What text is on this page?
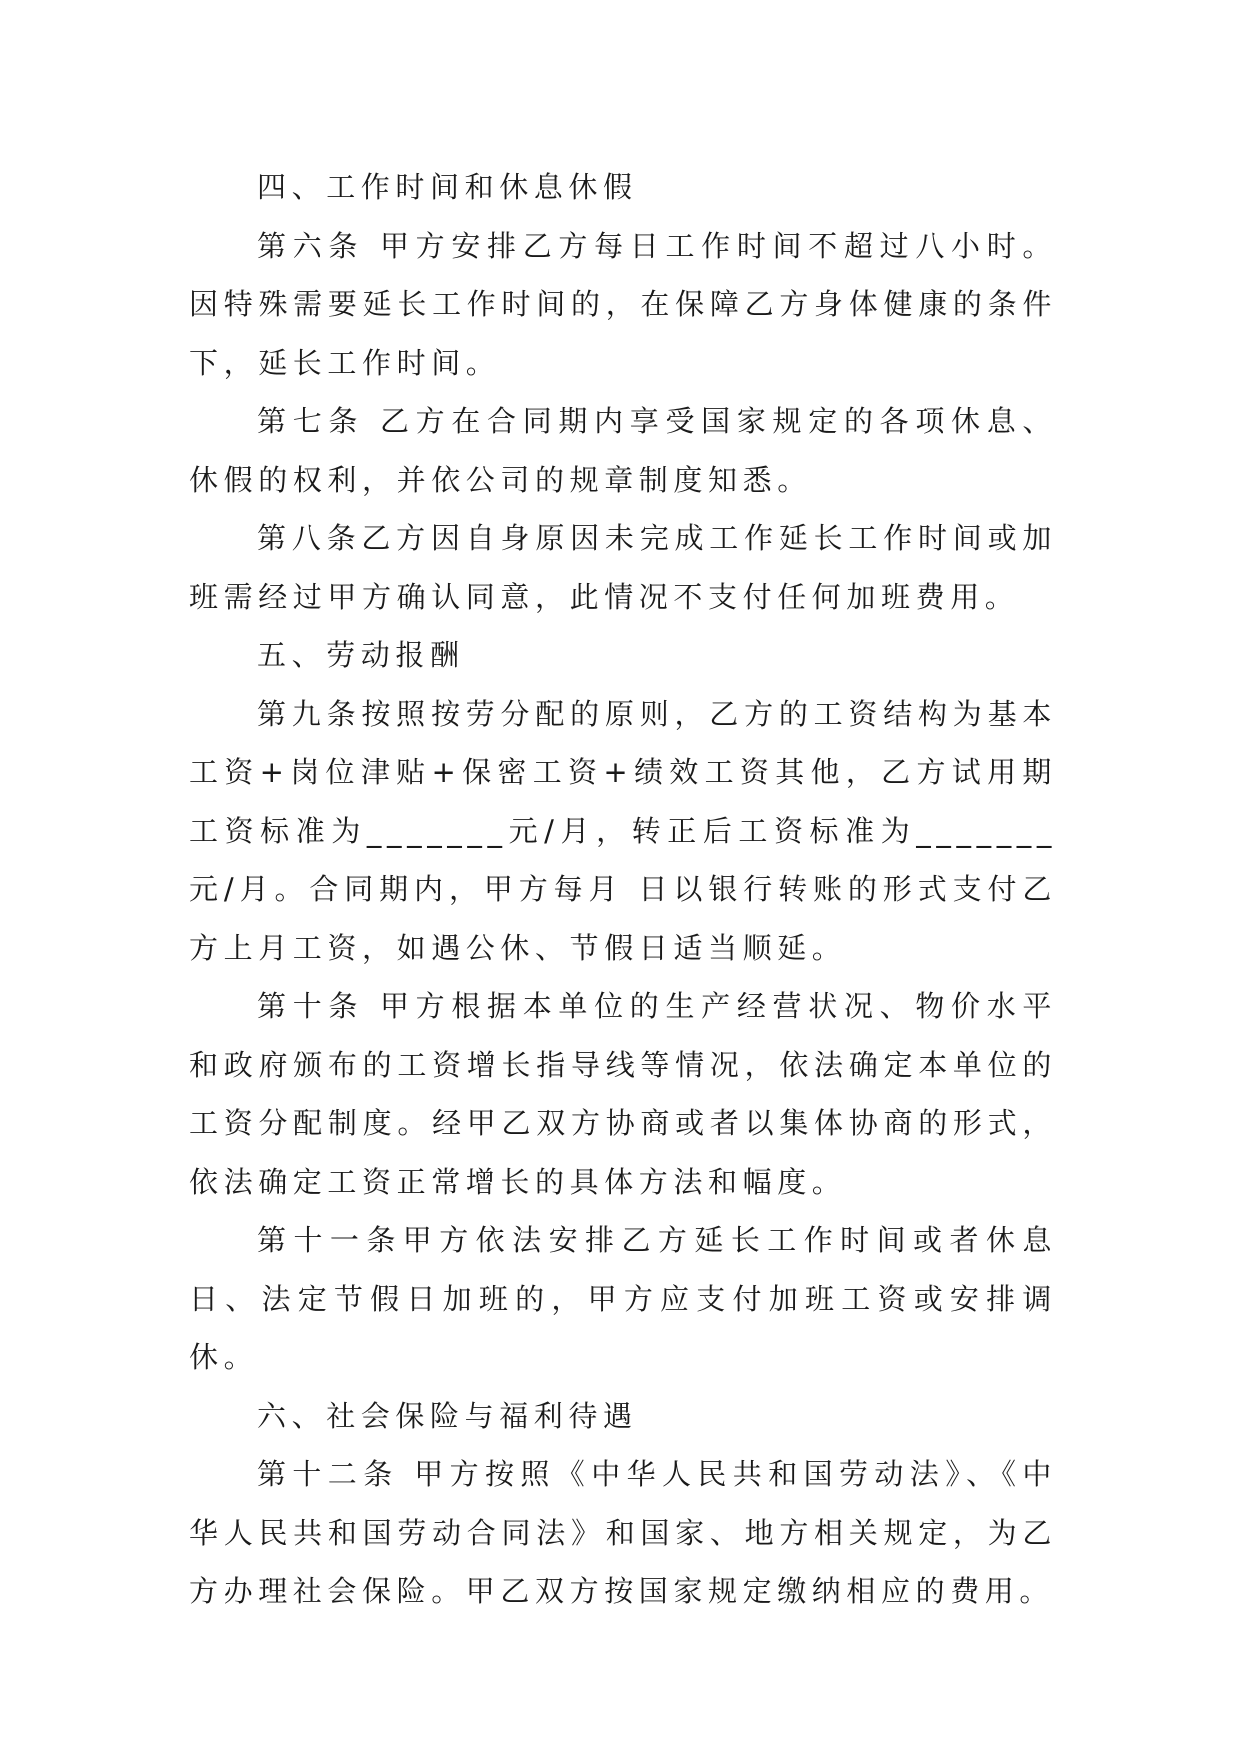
四、工作时间和休息休假

第六条 甲方安排乙方每日工作时间不超过八小时。因特殊需要延长工作时间的，在保障乙方身体健康的条件下，延长工作时间。

第七条 乙方在合同期内享受国家规定的各项休息、休假的权利，并依公司的规章制度知悉。

第八条乙方因自身原因未完成工作延长工作时间或加班需经过甲方确认同意，此情况不支付任何加班费用。

五、劳动报酬

第九条按照按劳分配的原则，乙方的工资结构为基本工资+岗位津贴+保密工资+绩效工资其他，乙方试用期工资标准为_______元/月，转正后工资标准为_______元/月。合同期内，甲方每月 日以银行转账的形式支付乙方上月工资，如遇公休、节假日适当顺延。

第十条 甲方根据本单位的生产经营状况、物价水平和政府颁布的工资增长指导线等情况，依法确定本单位的工资分配制度。经甲乙双方协商或者以集体协商的形式，依法确定工资正常增长的具体方法和幅度。

第十一条甲方依法安排乙方延长工作时间或者休息日、法定节假日加班的，甲方应支付加班工资或安排调休。

六、社会保险与福利待遇

第十二条 甲方按照《中华人民共和国劳动法》、《中华人民共和国劳动合同法》和国家、地方相关规定，为乙方办理社会保险。甲乙双方按国家规定缴纳相应的费用。
